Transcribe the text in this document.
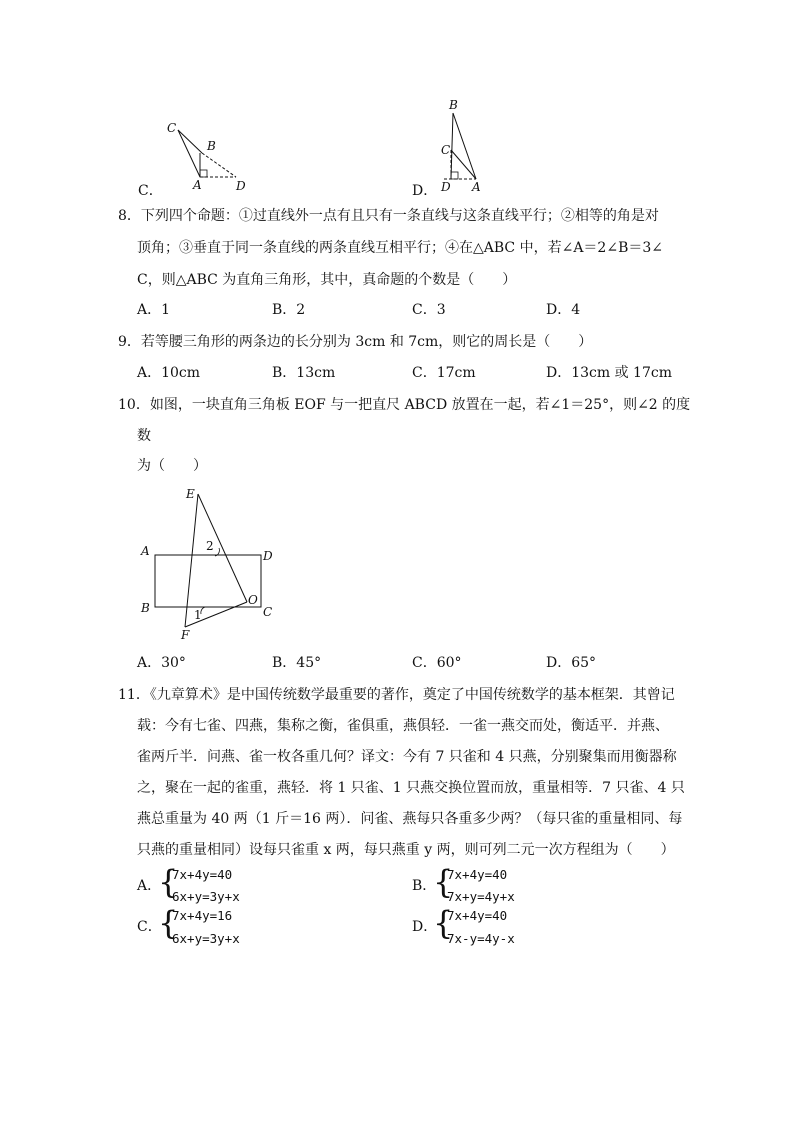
C
B
A	D
C．
B
C
D A
D．
8．下列四个命题：①过直线外一点有且只有一条直线与这条直线平行；②相等的角是对
顶角；③垂直于同一条直线的两条直线互相平行；④在△ABC 中，若∠A＝2∠B＝3∠
C，则△ABC 为直角三角形，其中，真命题的个数是（　　）
A．1	B．2	C．3	D．4
9．若等腰三角形的两条边的长分别为 3cm 和 7cm，则它的周长是（　　）
A．10cm	B．13cm	C．17cm	D．13cm 或 17cm
10．如图，一块直角三角板 EOF 与一把直尺 ABCD 放置在一起，若∠1＝25°，则∠2 的度
数
为（　　）
E
A	D
B	C
O
F
1
2
A．30°	B．45°	C．60°	D．65°
11．《九章算术》是中国传统数学最重要的著作，奠定了中国传统数学的基本框架．其曾记
载：今有七雀、四燕，集称之衡，雀俱重，燕俱轻．一雀一燕交而处，衡适平．并燕、
雀两斤半．问燕、雀一枚各重几何？译文：今有 7 只雀和 4 只燕，分别聚集而用衡器称
之，聚在一起的雀重，燕轻．将 1 只雀、1 只燕交换位置而放，重量相等．7 只雀、4 只
燕总重量为 40 两（1 斤＝16 两）．问雀、燕每只各重多少两？（每只雀的重量相同、每
只燕的重量相同）设每只雀重 x 两，每只燕重 y 两，则可列二元一次方程组为（　　）
A．
{
7x+4y=40
6x+y=3y+x
B．
{
7x+4y=40
7x+y=4y+x
C．
{
7x+4y=16
6x+y=3y+x
D．
{
7x+4y=40
7x-y=4y-x
